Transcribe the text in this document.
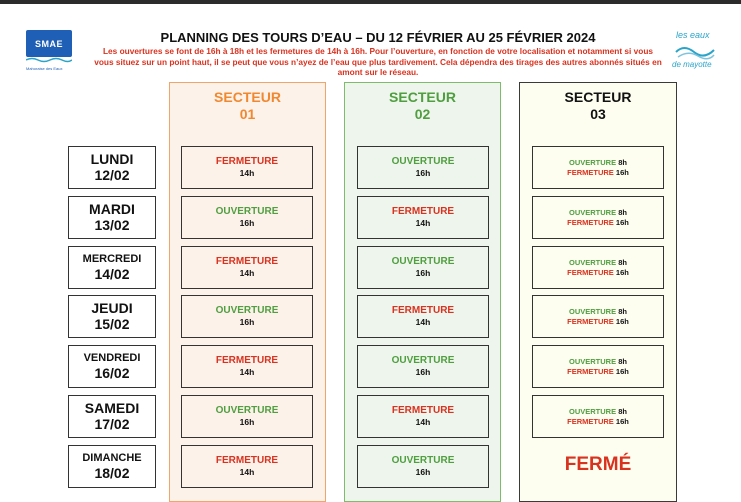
SMAE
Mahoraise des Eaux
les eaux
de mayotte
PLANNING DES TOURS D’EAU – DU 12 FÉVRIER AU 25 FÉVRIER 2024
Les ouvertures se font de 16h à 18h et les fermetures de 14h à 16h. Pour l’ouverture, en fonction de votre localisation et notamment si vous vous situez sur un point haut, il se peut que vous n’ayez de l’eau que plus tardivement. Cela dépendra des tirages des autres abonnés situés en amont sur le réseau.
SECTEUR
01
SECTEUR
02
SECTEUR
03
LUNDI
12/02
FERMETURE
14h
OUVERTURE
16h
OUVERTURE 8h
FERMETURE 16h
MARDI
13/02
OUVERTURE
16h
FERMETURE
14h
OUVERTURE 8h
FERMETURE 16h
MERCREDI
14/02
FERMETURE
14h
OUVERTURE
16h
OUVERTURE 8h
FERMETURE 16h
JEUDI
15/02
OUVERTURE
16h
FERMETURE
14h
OUVERTURE 8h
FERMETURE 16h
VENDREDI
16/02
FERMETURE
14h
OUVERTURE
16h
OUVERTURE 8h
FERMETURE 16h
SAMEDI
17/02
OUVERTURE
16h
FERMETURE
14h
OUVERTURE 8h
FERMETURE 16h
DIMANCHE
18/02
FERMETURE
14h
OUVERTURE
16h	FERMÉ
